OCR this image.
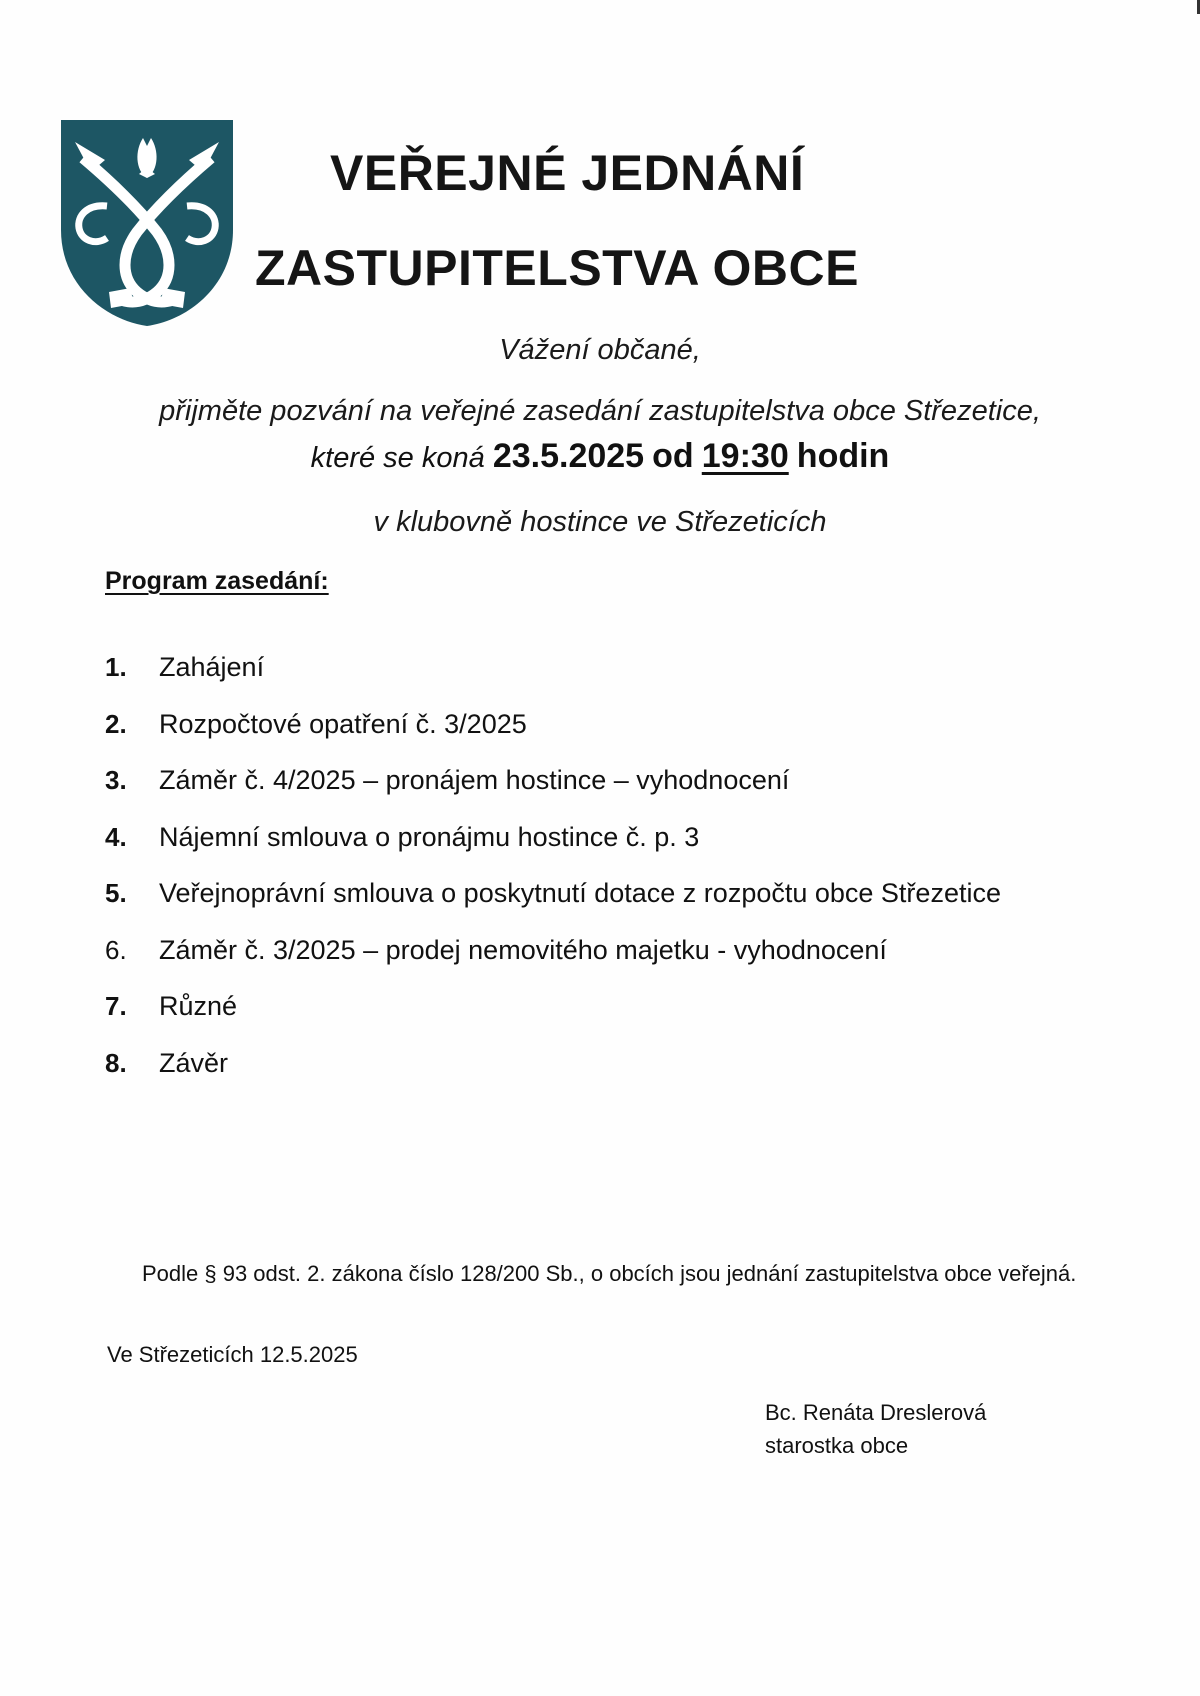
VEŘEJNÉ JEDNÁNÍ
ZASTUPITELSTVA OBCE
Vážení občané,
přijměte pozvání na veřejné zasedání zastupitelstva obce Střezetice,
které se koná 23.5.2025 od 19:30 hodin
v klubovně hostince ve Střezeticích
Program zasedání:
1.	Zahájení
2.	Rozpočtové opatření č. 3/2025
3.	Záměr č. 4/2025 – pronájem hostince – vyhodnocení
4.	Nájemní smlouva o pronájmu hostince č. p. 3
5.	Veřejnoprávní smlouva o poskytnutí dotace z rozpočtu obce Střezetice
6.	Záměr č. 3/2025 – prodej nemovitého majetku - vyhodnocení
7.	Různé
8.	Závěr
Podle § 93 odst. 2. zákona číslo 128/200 Sb., o obcích jsou jednání zastupitelstva obce veřejná.
Ve Střezeticích 12.5.2025
Bc. Renáta Dreslerová
starostka obce
